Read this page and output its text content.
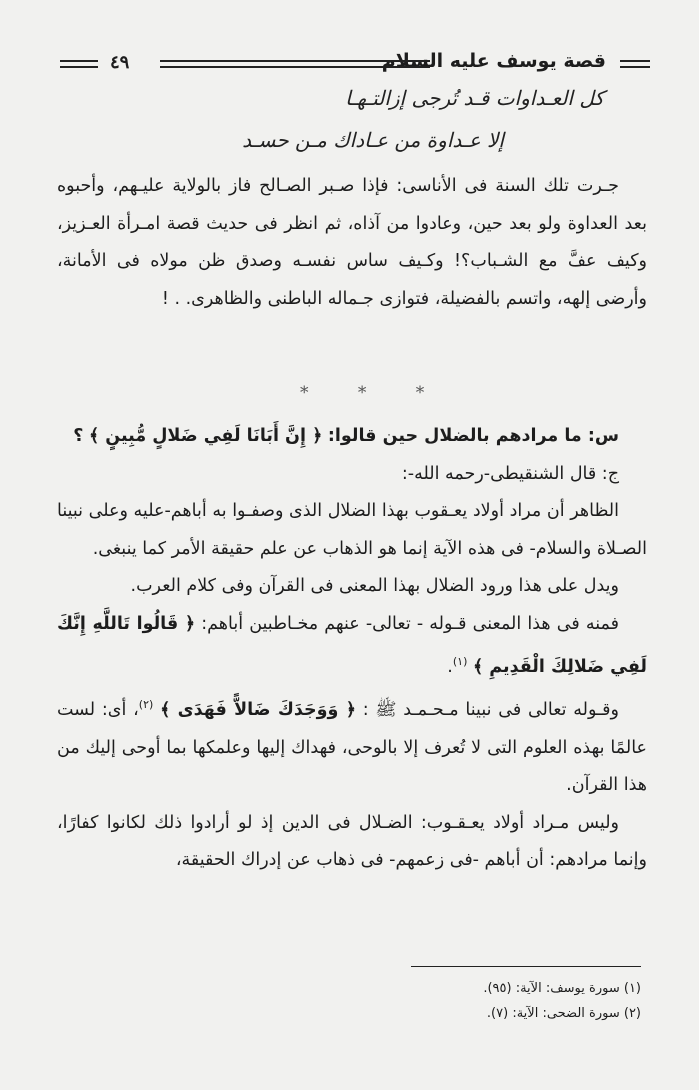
قصة يوسف عليه السلام
٤٩
كل العـداوات قـد تُرجى إزالتـهـا
إلا عـداوة من عـاداك مـن حسـد

جـرت تلك السنة فى الأناسى: فإذا صـبر الصـالح فاز بالولاية عليـهم، وأحبوه بعد العداوة ولو بعد حين، وعادوا من آذاه، ثم انظر فى حديث قصة امـرأة العـزيز، وكيف عفَّ مع الشـباب؟! وكـيف ساس نفسـه وصدق ظن مولاه فى الأمانة، وأرضى إلهه، واتسم بالفضيلة، فتوازى جـماله الباطنى والظاهرى. . !

* * *

س: ما مرادهم بالضلال حين قالوا: ﴿ إِنَّ أَبَانَا لَفِي ضَلالٍ مُّبِينٍ ﴾ ؟

ج: قال الشنقيطى-رحمه الله-:

الظاهر أن مراد أولاد يعـقوب بهذا الضلال الذى وصفـوا به أباهم-عليه وعلى نبينا الصـلاة والسلام- فى هذه الآية إنما هو الذهاب عن علم حقيقة الأمر كما ينبغى.

ويدل على هذا ورود الضلال بهذا المعنى فى القرآن وفى كلام العرب.

فمنه فى هذا المعنى قـوله - تعالى- عنهم مخـاطبين أباهم: ﴿ قَالُوا تَاللَّهِ إِنَّكَ لَفِي ضَلالِكَ الْقَدِيمِ ﴾ $^{(١)}$.

وقـوله تعالى فى نبينا مـحـمـد ﷺ : ﴿ وَوَجَدَكَ ضَالاًّ فَهَدَى ﴾ $^{(٢)}$، أى: لست عالمًا بهذه العلوم التى لا تُعرف إلا بالوحى، فهداك إليها وعلمكها بما أوحى إليك من هذا القرآن.

وليس مـراد أولاد يعـقـوب: الضـلال فى الدين إذ لو أرادوا ذلك لكانوا كفارًا، وإنما مرادهم: أن أباهم -فى زعمهم- فى ذهاب عن إدراك الحقيقة،

(١) سورة يوسف: الآية: (٩٥).
(٢) سورة الضحى: الآية: (٧).
